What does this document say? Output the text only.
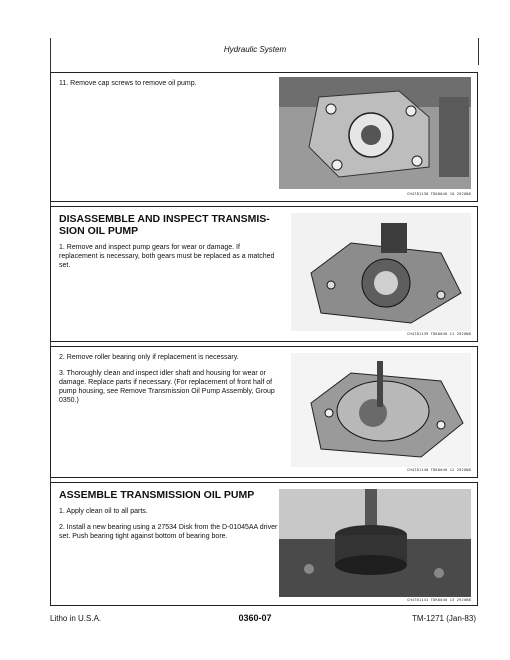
Hydraulic System

11. Remove cap screws to remove oil pump.

CH4781138 TDK0040 10 29JUN8
DISASSEMBLE AND INSPECT TRANSMIS-SION OIL PUMP

1. Remove and inspect pump gears for wear or damage. If replacement is necessary, both gears must be replaced as a matched set.

CH4781139 TDK0040 11 29JUN8

2. Remove roller bearing only if replacement is necessary.

3. Thoroughly clean and inspect idler shaft and housing for wear or damage. Replace parts if necessary. (For replacement of front half of pump housing, see Remove Transmission Oil Pump Assembly, Group 0350.)

CH4781140 TDK0040 12 29JUN8
ASSEMBLE TRANSMISSION OIL PUMP

1. Apply clean oil to all parts.

2. Install a new bearing using a 27534 Disk from the D-01045AA driver set. Push bearing tight against bottom of bearing bore.

CH4781141 TDK0040 13 29JUN8
Litho in U.S.A.	0360-07	TM-1271 (Jan-83)
